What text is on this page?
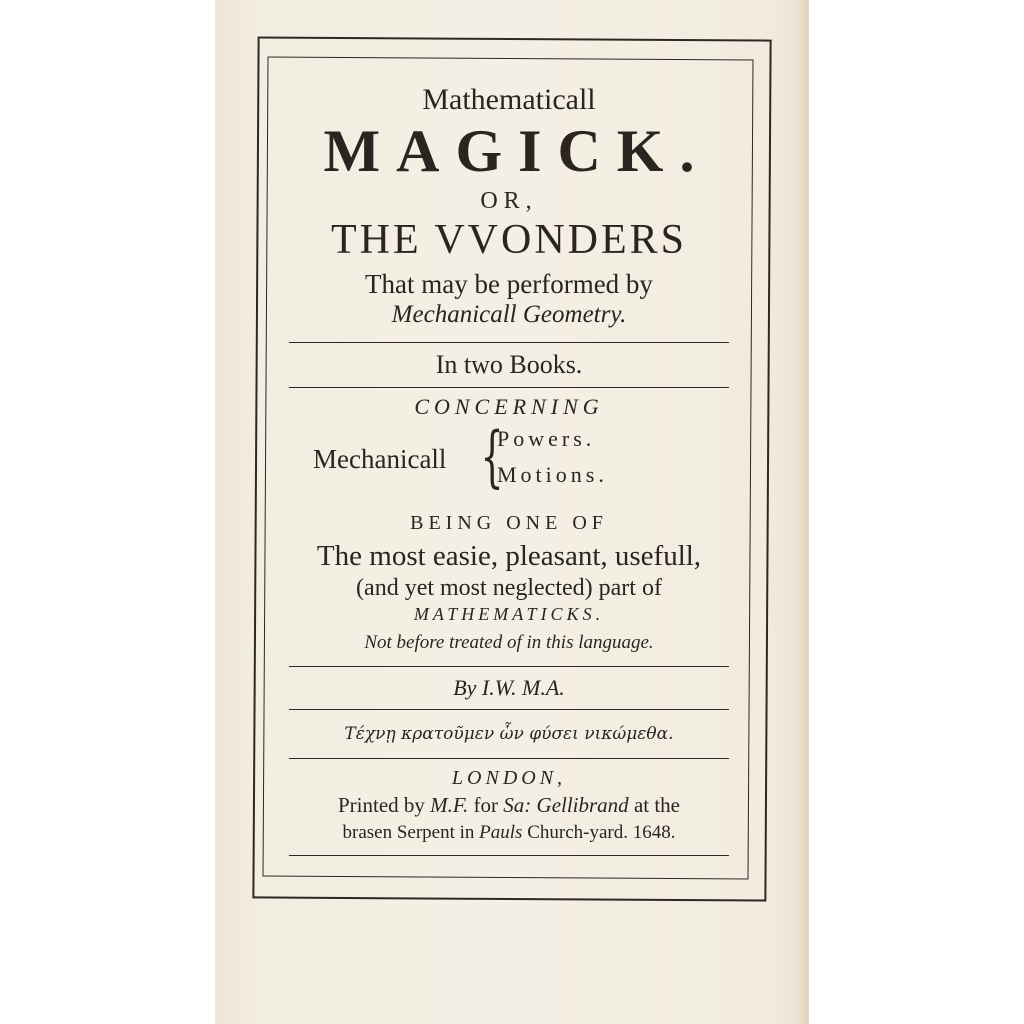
Mathematicall
MAGICK.
OR,
THE VVONDERS
That may be performed by
Mechanicall Geometry.
In two Books.
CONCERNING
Mechanicall {
Powers.
Motions.
BEING ONE OF
The most easie, pleasant, usefull,
(and yet most neglected) part of
MATHEMATICKS.
Not before treated of in this language.
By I.W. M.A.
Τέχνῃ κρατοῦμεν ὧν φύσει νικώμεθα.
LONDON,
Printed by M.F. for Sa: Gellibrand at the
brasen Serpent in Pauls Church-yard. 1648.
